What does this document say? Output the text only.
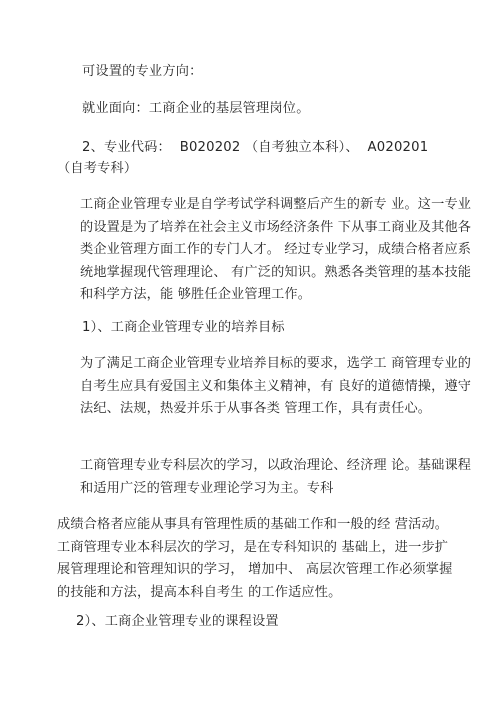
可设置的专业方向：
就业面向：工商企业的基层管理岗位。
2、专业代码：  B020202 （自考独立本科）、  A020201
（自考专科）
工商企业管理专业是自学考试学科调整后产生的新专 业。这一专业的设置是为了培养在社会主义市场经济条件 下从事工商业及其他各类企业管理方面工作的专门人才。 经过专业学习，成绩合格者应系统地掌握现代管理理论、 有广泛的知识。熟悉各类管理的基本技能和科学方法，能 够胜任企业管理工作。
1）、工商企业管理专业的培养目标
为了满足工商企业管理专业培养目标的要求，选学工 商管理专业的自考生应具有爱国主义和集体主义精神，有 良好的道德情操，遵守法纪、法规，热爱并乐于从事各类 管理工作，具有责任心。
工商管理专业专科层次的学习，以政治理论、经济理 论。基础课程和适用广泛的管理专业理论学习为主。专科
成绩合格者应能从事具有管理性质的基础工作和一般的经 营活动。工商管理专业本科层次的学习，是在专科知识的 基础上，进一步扩展管理理论和管理知识的学习， 增加中、 高层次管理工作必须掌握的技能和方法，提高本科自考生 的工作适应性。
2）、工商企业管理专业的课程设置
